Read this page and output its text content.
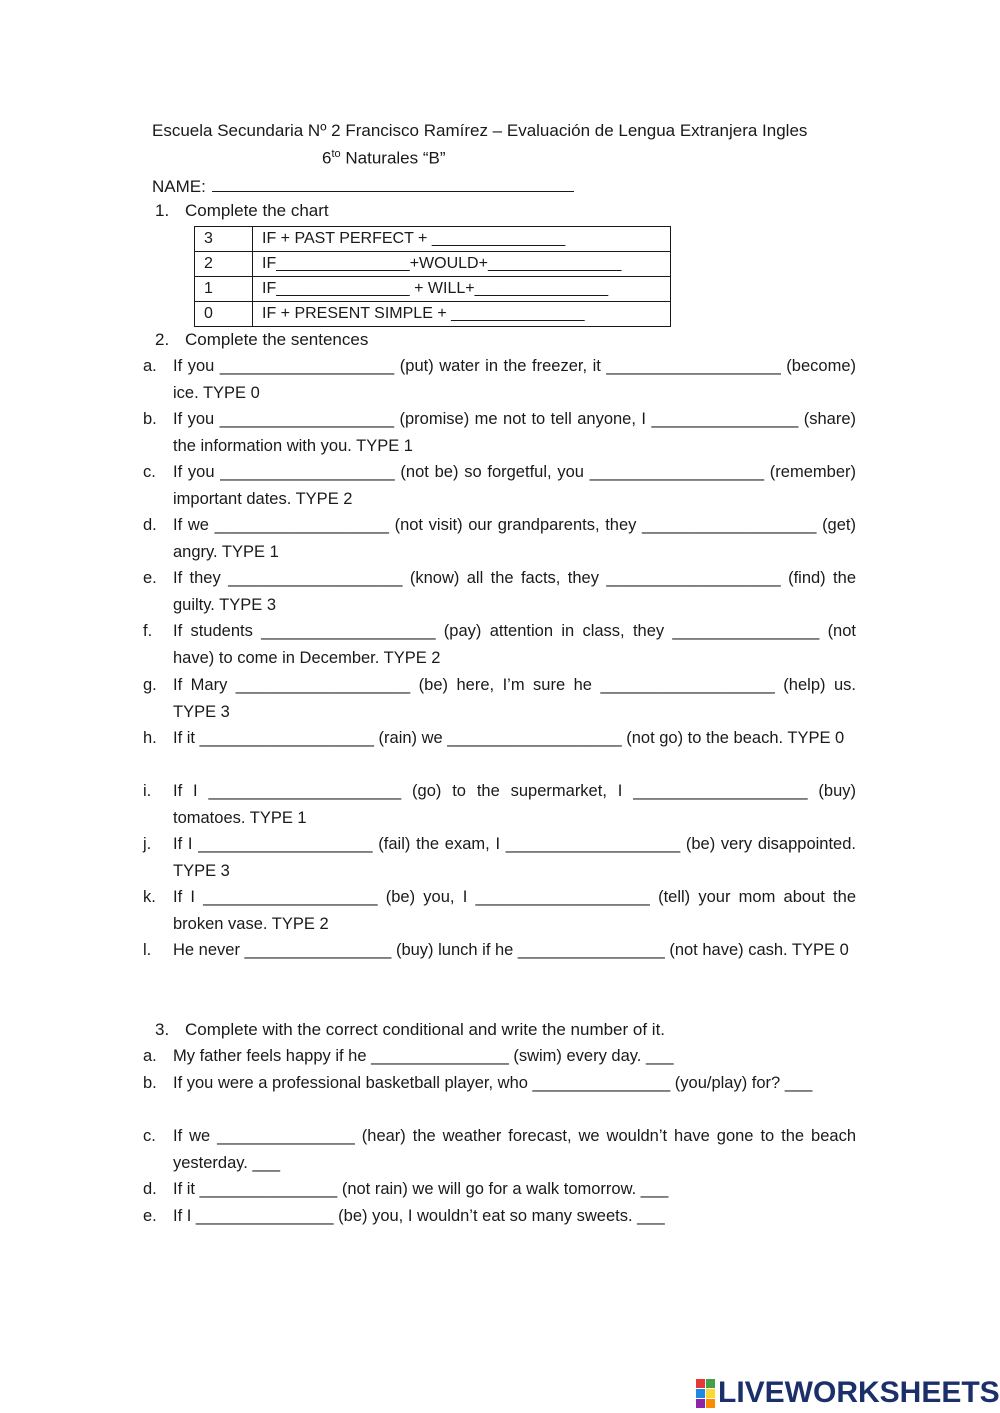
Escuela Secundaria Nº 2 Francisco Ramírez – Evaluación de Lengua Extranjera Ingles
$6^{to}$ Naturales “B”
NAME:
1. Complete the chart
3	IF + PAST PERFECT + _______________
2	IF_______________+WOULD+_______________
1	IF_______________ + WILL+_______________
0	IF + PRESENT SIMPLE + _______________
2. Complete the sentences
a. If you ___________________ (put) water in the freezer, it ___________________ (become) ice. TYPE 0
b. If you ___________________ (promise) me not to tell anyone, I ________________ (share) the information with you. TYPE 1
c. If you ___________________ (not be) so forgetful, you ___________________ (remember) important dates. TYPE 2
d. If we ___________________ (not visit) our grandparents, they ___________________ (get) angry. TYPE 1
e. If they ___________________ (know) all the facts, they ___________________ (find) the guilty. TYPE 3
f. If students ___________________ (pay) attention in class, they ________________ (not have) to come in December. TYPE 2
g. If Mary ___________________ (be) here, I’m sure he ___________________ (help) us. TYPE 3
h. If it ___________________ (rain) we ___________________ (not go) to the beach. TYPE 0
i. If I _____________________ (go) to the supermarket, I ___________________ (buy) tomatoes. TYPE 1
j. If I ___________________ (fail) the exam, I ___________________ (be) very disappointed. TYPE 3
k. If I ___________________ (be) you, I ___________________ (tell) your mom about the broken vase. TYPE 2
l. He never ________________ (buy) lunch if he ________________ (not have) cash. TYPE 0
3. Complete with the correct conditional and write the number of it.
a. My father feels happy if he _______________ (swim) every day. ___
b. If you were a professional basketball player, who _______________ (you/play) for? ___
c. If we _______________ (hear) the weather forecast, we wouldn’t have gone to the beach yesterday. ___
d. If it _______________ (not rain) we will go for a walk tomorrow. ___
e. If I _______________ (be) you, I wouldn’t eat so many sweets. ___
LIVEWORKSHEETS
